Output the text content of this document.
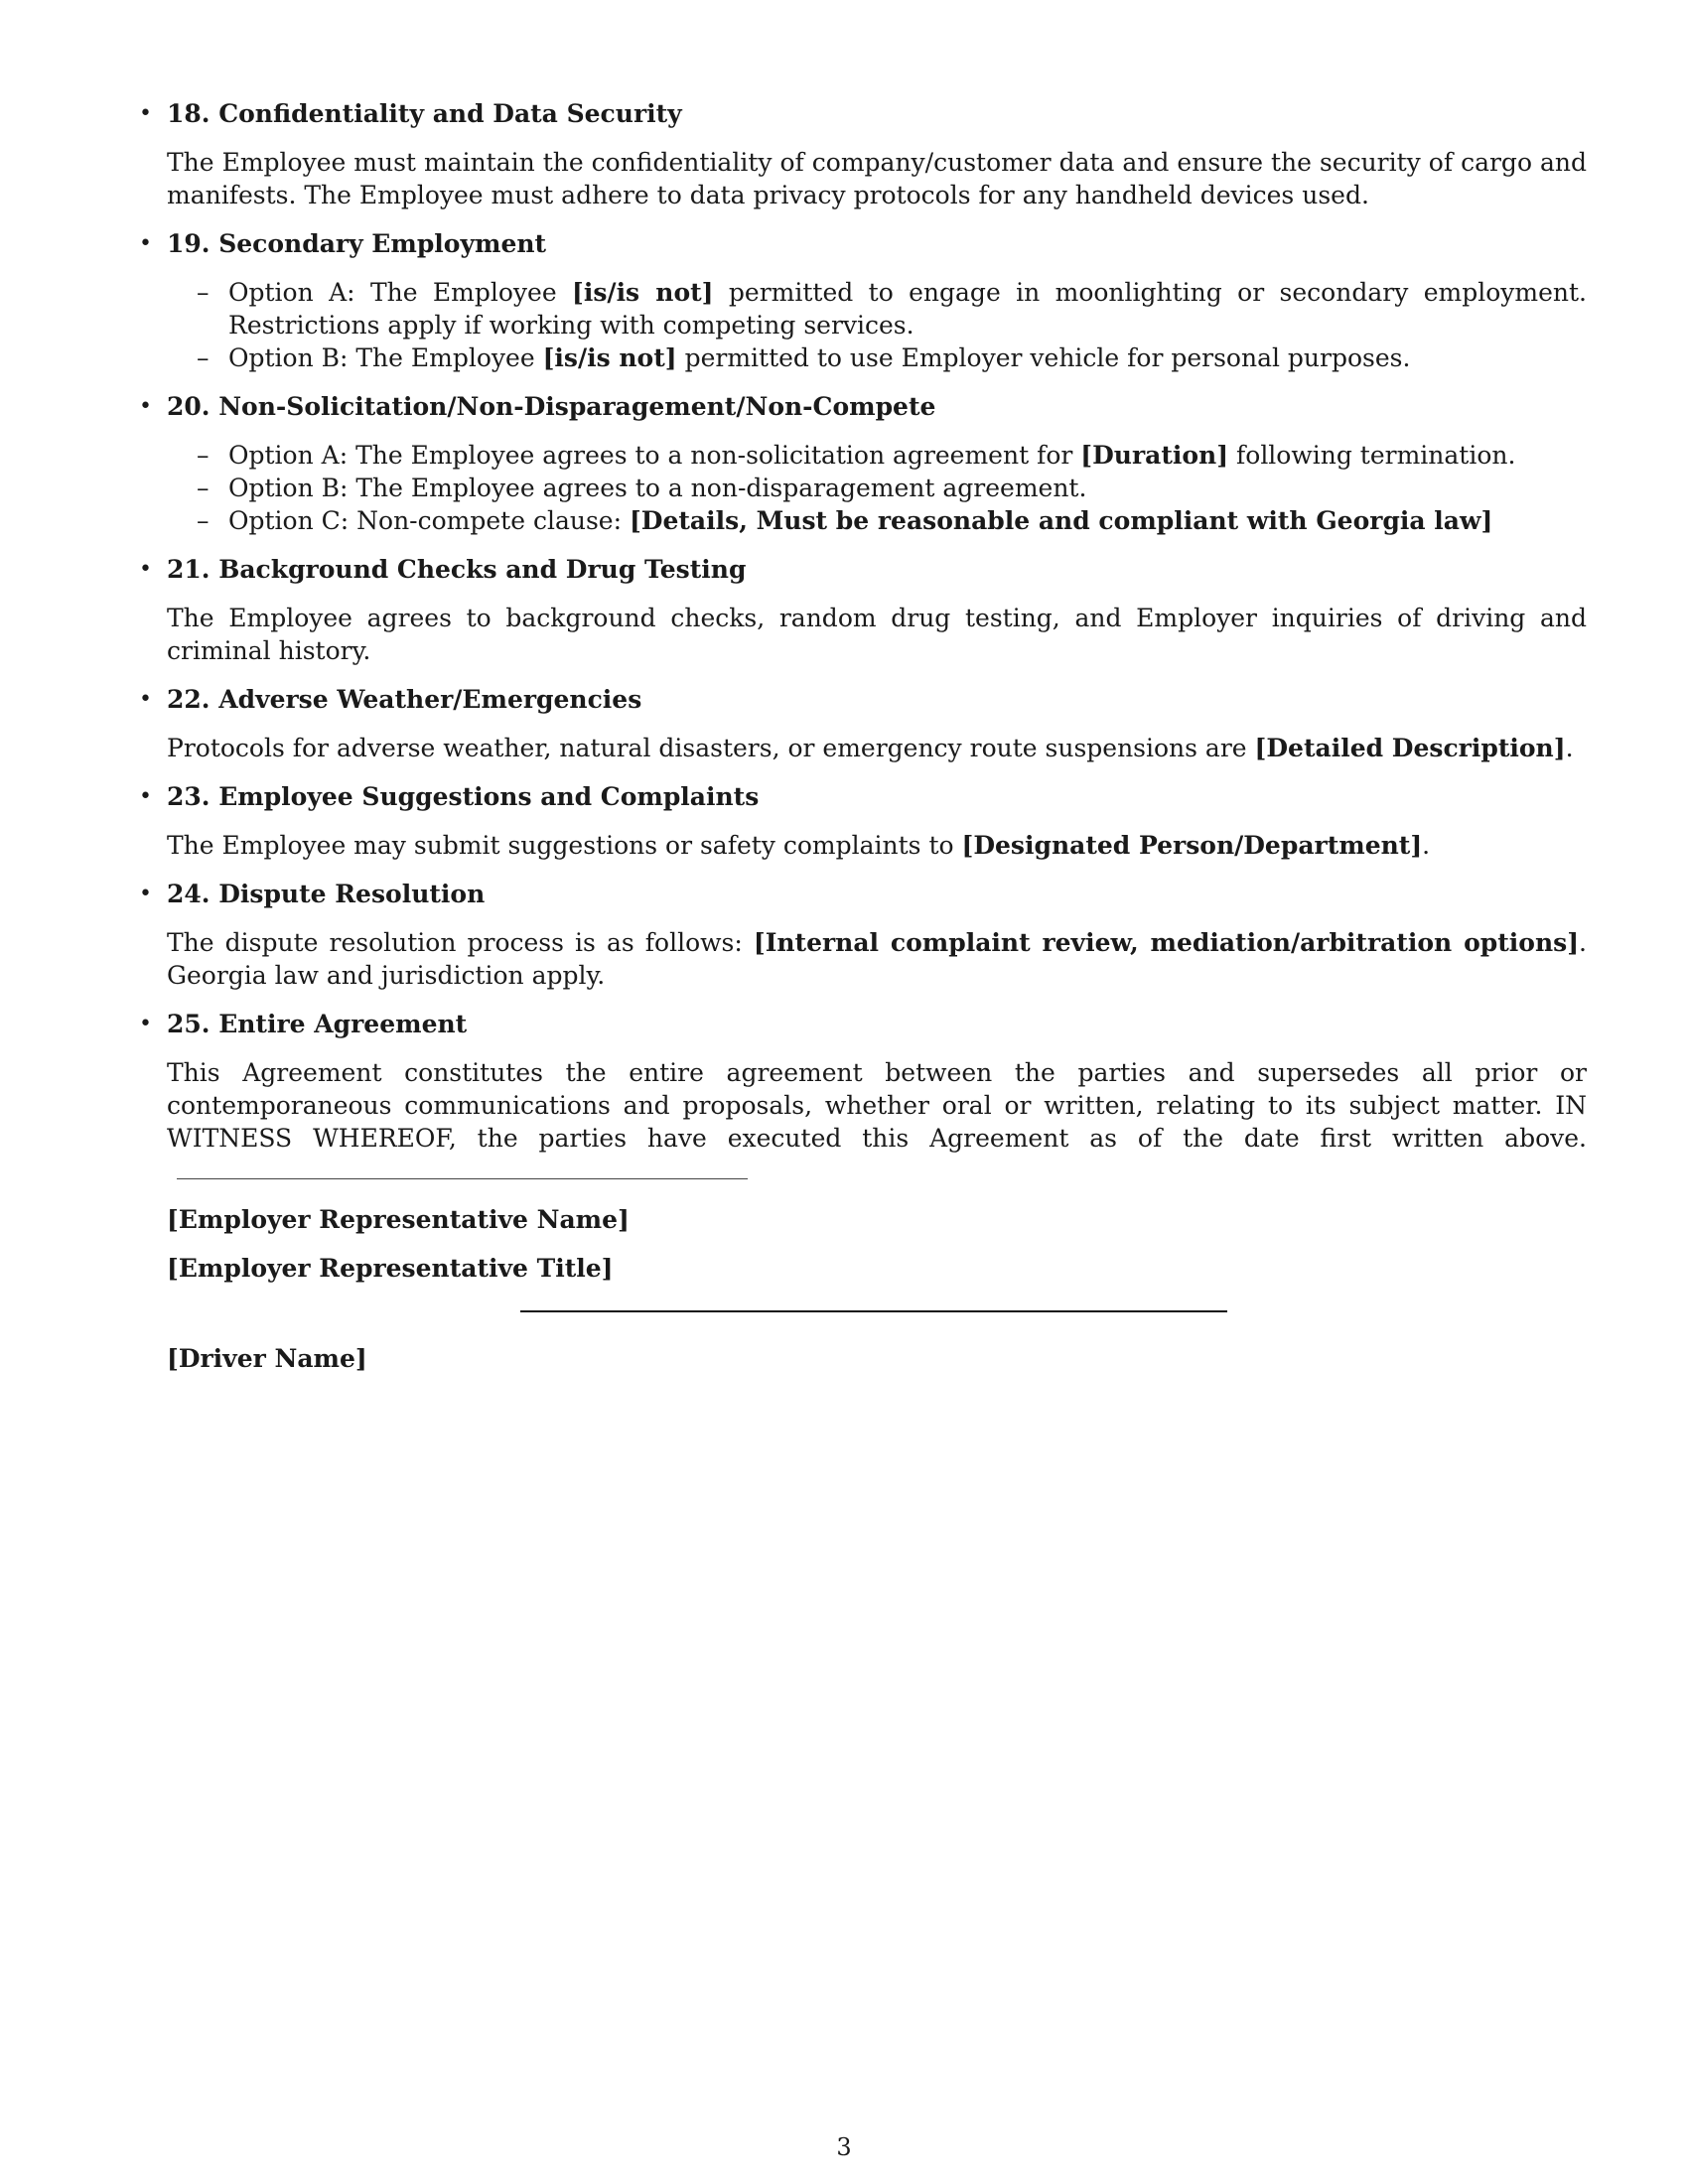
• 18. Confidentiality and Data Security

The Employee must maintain the confidentiality of company/customer data and ensure the security of cargo and manifests. The Employee must adhere to data privacy protocols for any handheld devices used.

• 19. Secondary Employment
– Option A: The Employee [is/is not] permitted to engage in moonlighting or secondary employment. Restrictions apply if working with competing services.
– Option B: The Employee [is/is not] permitted to use Employer vehicle for personal purposes.
• 20. Non-Solicitation/Non-Disparagement/Non-Compete
– Option A: The Employee agrees to a non-solicitation agreement for [Duration] following termination.
– Option B: The Employee agrees to a non-disparagement agreement.
– Option C: Non-compete clause: [Details, Must be reasonable and compliant with Georgia law]
• 21. Background Checks and Drug Testing

The Employee agrees to background checks, random drug testing, and Employer inquiries of driving and criminal history.

• 22. Adverse Weather/Emergencies

Protocols for adverse weather, natural disasters, or emergency route suspensions are [Detailed Description].

• 23. Employee Suggestions and Complaints

The Employee may submit suggestions or safety complaints to [Designated Person/Department].

• 24. Dispute Resolution

The dispute resolution process is as follows: [Internal complaint review, mediation/arbitration options]. Georgia law and jurisdiction apply.

• 25. Entire Agreement

This Agreement constitutes the entire agreement between the parties and supersedes all prior or contemporaneous communications and proposals, whether oral or written, relating to its subject matter. IN WITNESS WHEREOF, the parties have executed this Agreement as of the date first written above.

[Employer Representative Name]

[Employer Representative Title]

[Driver Name]

3
